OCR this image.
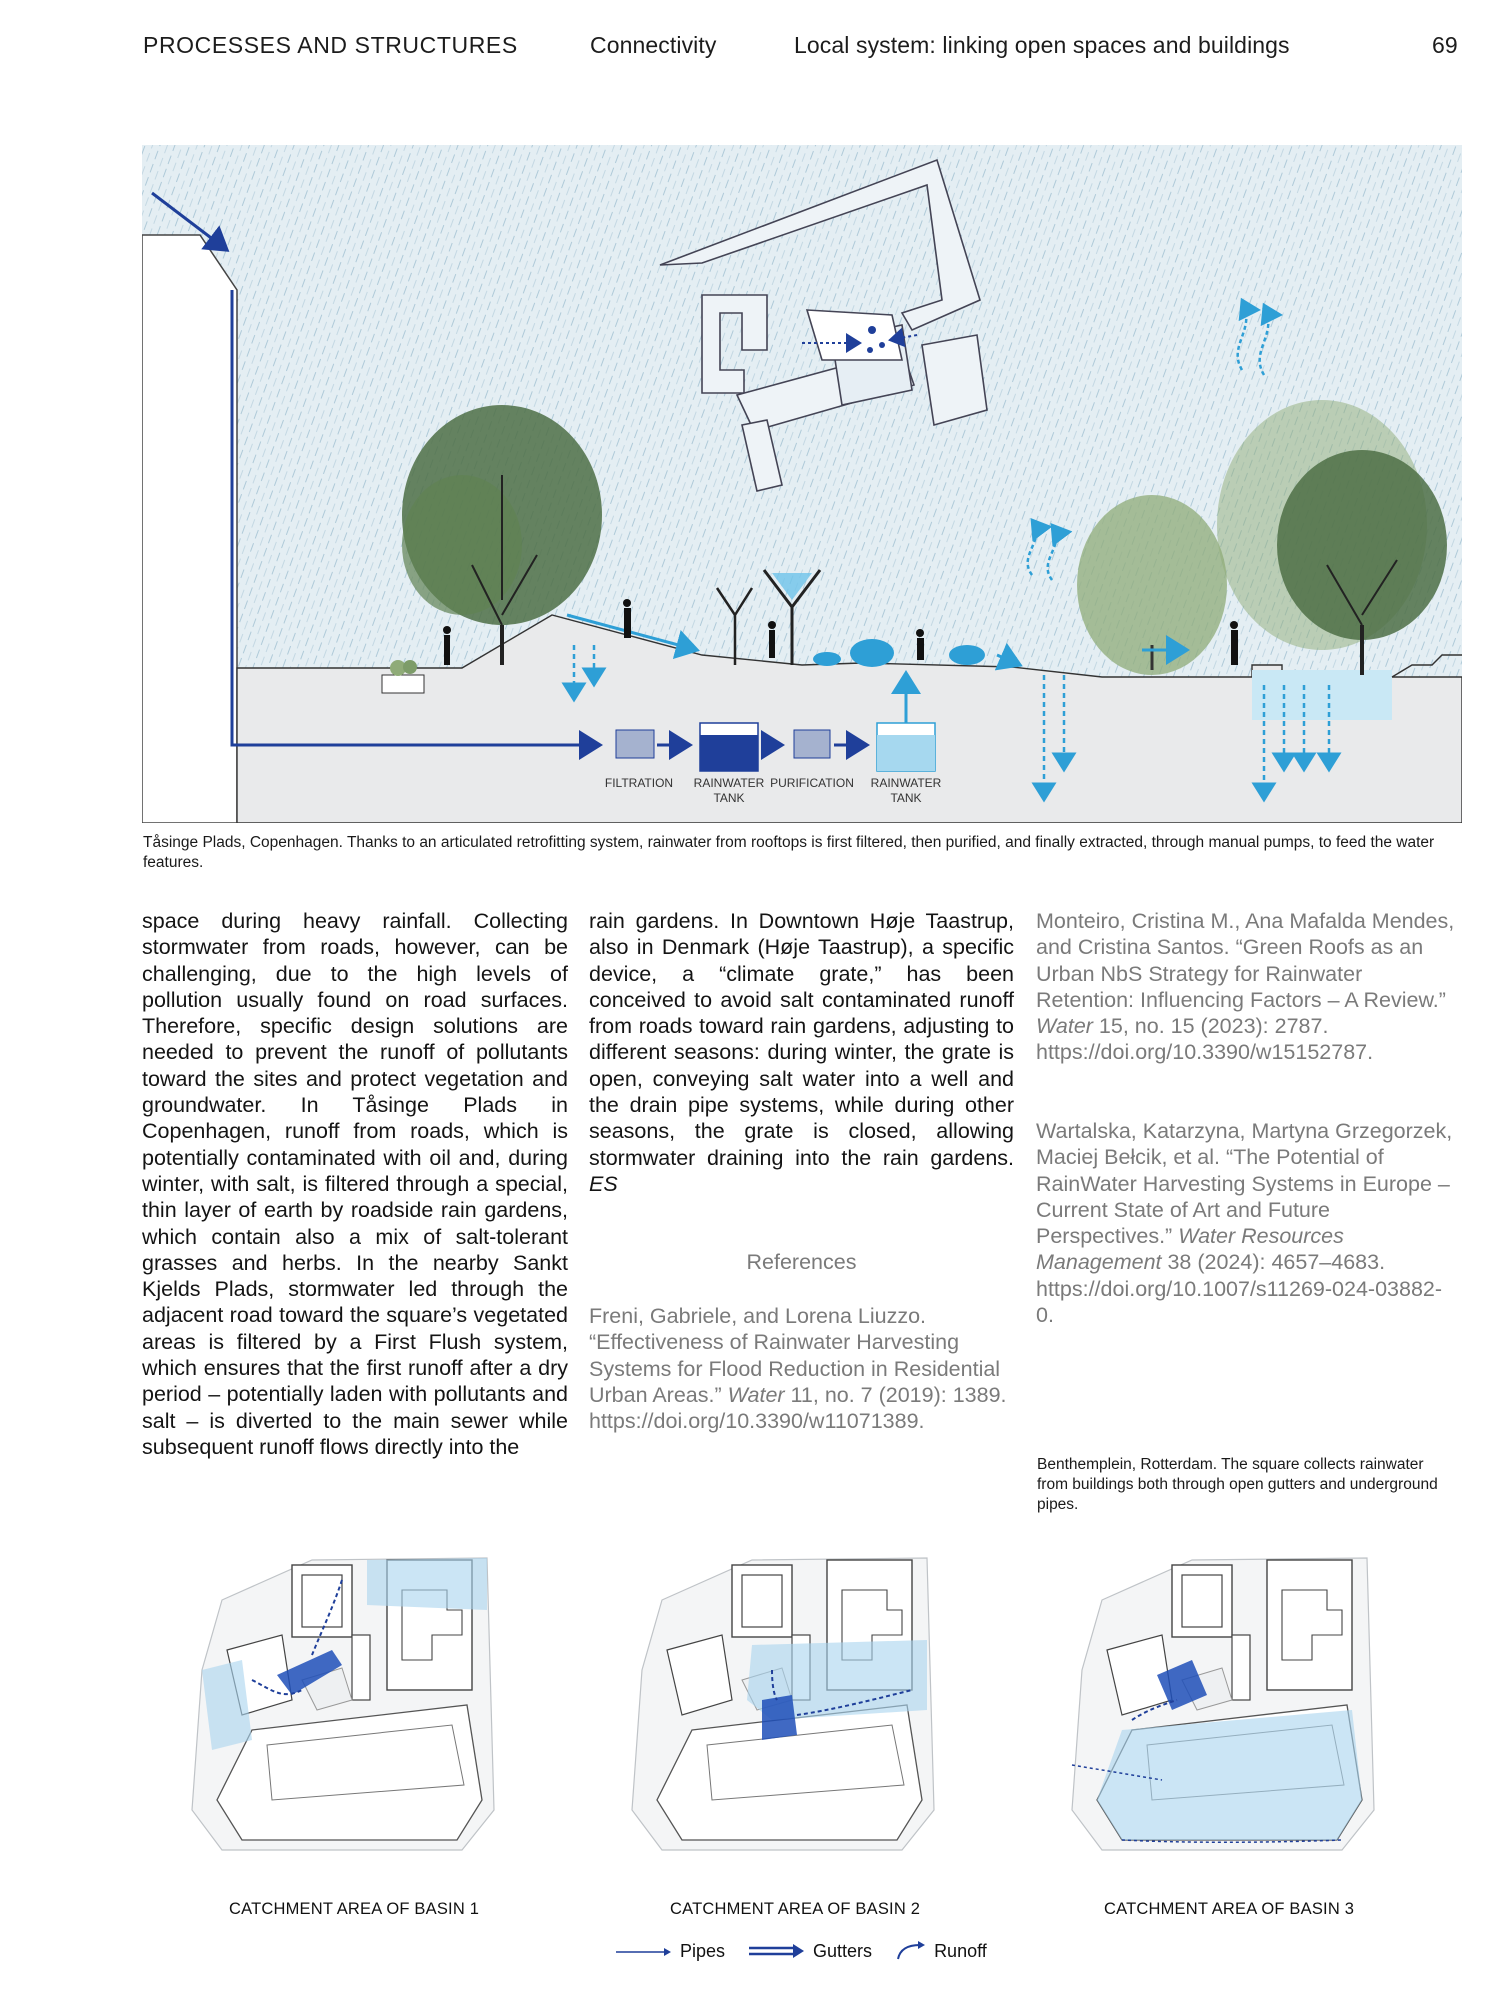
PROCESSES AND STRUCTURES	Connectivity	Local system: linking open spaces and buildings	69
FILTRATION RAINWATER
TANK
PURIFICATION RAINWATER
TANK
Tåsinge Plads, Copenhagen. Thanks to an articulated retrofitting system, rainwater from rooftops is first filtered, then purified, and finally extracted, through manual pumps, to feed the water features.
space during heavy rainfall. Collecting stormwater from roads, however, can be challenging, due to the high levels of pollution usually found on road surfaces. Therefore, specific design solutions are needed to prevent the runoff of pollutants toward the sites and protect vegetation and groundwater. In Tåsinge Plads in Copenhagen, runoff from roads, which is potentially contaminated with oil and, during winter, with salt, is filtered through a special, thin layer of earth by roadside rain gardens, which contain also a mix of salt-tolerant grasses and herbs. In the nearby Sankt Kjelds Plads, stormwater led through the adjacent road toward the square’s vegetated areas is filtered by a First Flush system, which ensures that the first runoff after a dry period – potentially laden with pollutants and salt – is diverted to the main sewer while subsequent runoff flows directly into the
rain gardens. In Downtown Høje Taastrup, also in Denmark (Høje Taastrup), a specific device, a “climate grate,” has been conceived to avoid salt contaminated runoff from roads toward rain gardens, adjusting to different seasons: during winter, the grate is open, conveying salt water into a well and the drain pipe systems, while during other seasons, the grate is closed, allowing stormwater draining into the rain gardens. ES
References
Freni, Gabriele, and Lorena Liuzzo. “Effectiveness of Rainwater Harvesting Systems for Flood Reduction in Residential Urban Areas.” Water 11, no. 7 (2019): 1389. https://doi.org/10.3390/w11071389.
Monteiro, Cristina M., Ana Mafalda Mendes, and Cristina Santos. “Green Roofs as an Urban NbS Strategy for Rainwater Retention: Influencing Factors – A Review.” Water 15, no. 15 (2023): 2787. https://doi.org/10.3390/w15152787.
Wartalska, Katarzyna, Martyna Grzegorzek, Maciej Bełcik, et al. “The Potential of RainWater Harvesting Systems in Europe – Current State of Art and Future Perspectives.” Water Resources Management 38 (2024): 4657–4683. https://doi.org/10.1007/s11269-024-03882-0.
Benthemplein, Rotterdam. The square collects rainwater from buildings both through open gutters and underground pipes.
CATCHMENT AREA OF BASIN 1	CATCHMENT AREA OF BASIN 2	CATCHMENT AREA OF BASIN 3
Pipes	Gutters	Runoff
